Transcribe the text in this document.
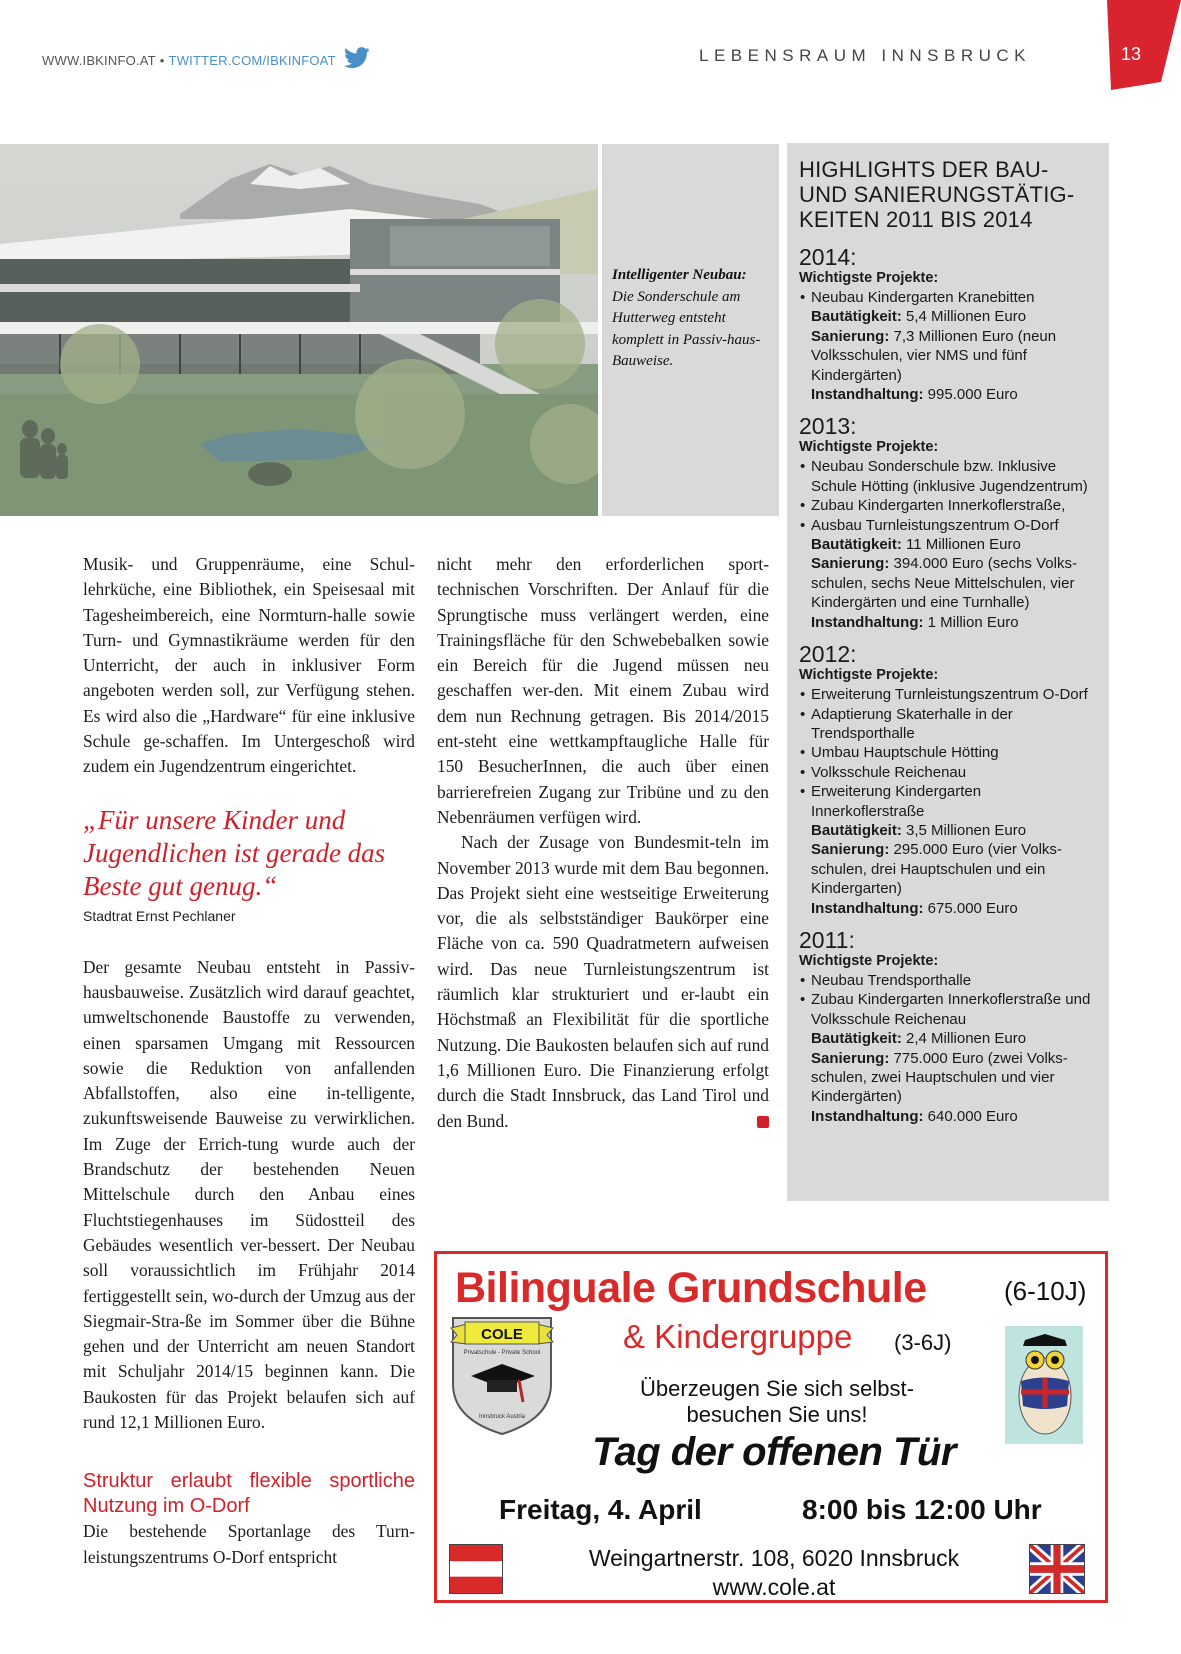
WWW.IBKINFO.AT • TWITTER.COM/IBKINFOAT	LEBENSRAUM INNSBRUCK	13
Intelligenter Neubau: Die Sonderschule am Hutterweg entsteht komplett in Passiv-haus-Bauweise.
HIGHLIGHTS DER BAU- UND SANIERUNGSTÄTIG- KEITEN 2011 BIS 2014
2014:
Wichtigste Projekte:
• Neubau Kindergarten Kranebitten
Bautätigkeit: 5,4 Millionen Euro
Sanierung: 7,3 Millionen Euro (neun Volksschulen, vier NMS und fünf Kindergärten)
Instandhaltung: 995.000 Euro
2013:
Wichtigste Projekte:
• Neubau Sonderschule bzw. Inklusive Schule Hötting (inklusive Jugendzentrum)
• Zubau Kindergarten Innerkoflerstraße,
• Ausbau Turnleistungszentrum O-Dorf
Bautätigkeit: 11 Millionen Euro
Sanierung: 394.000 Euro (sechs Volks-schulen, sechs Neue Mittelschulen, vier Kindergärten und eine Turnhalle)
Instandhaltung: 1 Million Euro
2012:
Wichtigste Projekte:
• Erweiterung Turnleistungszentrum O-Dorf
• Adaptierung Skaterhalle in der Trendsporthalle
• Umbau Hauptschule Hötting
• Volksschule Reichenau
• Erweiterung Kindergarten Innerkoflerstraße
Bautätigkeit: 3,5 Millionen Euro
Sanierung: 295.000 Euro (vier Volks-schulen, drei Hauptschulen und ein Kindergarten)
Instandhaltung: 675.000 Euro
2011:
Wichtigste Projekte:
• Neubau Trendsporthalle
• Zubau Kindergarten Innerkoflerstraße und Volksschule Reichenau
Bautätigkeit: 2,4 Millionen Euro
Sanierung: 775.000 Euro (zwei Volks-schulen, zwei Hauptschulen und vier Kindergärten)
Instandhaltung: 640.000 Euro

Musik- und Gruppenräume, eine Schul-lehrküche, eine Bibliothek, ein Speisesaal mit Tagesheimbereich, eine Normturn-halle sowie Turn- und Gymnastikräume werden für den Unterricht, der auch in inklusiver Form angeboten werden soll, zur Verfügung stehen. Es wird also die „Hardware“ für eine inklusive Schule ge-schaffen. Im Untergeschoß wird zudem ein Jugendzentrum eingerichtet.

„Für unsere Kinder und Jugendlichen ist gerade das Beste gut genug.“

Stadtrat Ernst Pechlaner

Der gesamte Neubau entsteht in Passiv-hausbauweise. Zusätzlich wird darauf geachtet, umweltschonende Baustoffe zu verwenden, einen sparsamen Umgang mit Ressourcen sowie die Reduktion von anfallenden Abfallstoffen, also eine in-telligente, zukunftsweisende Bauweise zu verwirklichen. Im Zuge der Errich-tung wurde auch der Brandschutz der bestehenden Neuen Mittelschule durch den Anbau eines Fluchtstiegenhauses im Südostteil des Gebäudes wesentlich ver-bessert. Der Neubau soll voraussichtlich im Frühjahr 2014 fertiggestellt sein, wo-durch der Umzug aus der Siegmair-Stra-ße im Sommer über die Bühne gehen und der Unterricht am neuen Standort mit Schuljahr 2014/15 beginnen kann. Die Baukosten für das Projekt belaufen sich auf rund 12,1 Millionen Euro.

Struktur erlaubt flexible sportliche Nutzung im O-Dorf

Die bestehende Sportanlage des Turn-leistungszentrums O-Dorf entspricht

nicht mehr den erforderlichen sport-technischen Vorschriften. Der Anlauf für die Sprungtische muss verlängert werden, eine Trainingsfläche für den Schwebebalken sowie ein Bereich für die Jugend müssen neu geschaffen wer-den. Mit einem Zubau wird dem nun Rechnung getragen. Bis 2014/2015 ent-steht eine wettkampftaugliche Halle für 150 BesucherInnen, die auch über einen barrierefreien Zugang zur Tribüne und zu den Nebenräumen verfügen wird.

Nach der Zusage von Bundesmit-teln im November 2013 wurde mit dem Bau begonnen. Das Projekt sieht eine westseitige Erweiterung vor, die als selbstständiger Baukörper eine Fläche von ca. 590 Quadratmetern aufweisen wird. Das neue Turnleistungszentrum ist räumlich klar strukturiert und er-laubt ein Höchstmaß an Flexibilität für die sportliche Nutzung. Die Baukosten belaufen sich auf rund 1,6 Millionen Euro. Die Finanzierung erfolgt durch die Stadt Innsbruck, das Land Tirol und den Bund.

Bilinguale Grundschule	(6-10J)
& Kindergruppe (3-6J)
Überzeugen Sie sich selbst- besuchen Sie uns!
Tag der offenen Tür
Freitag, 4. April	8:00 bis 12:00 Uhr
Weingartnerstr. 108, 6020 Innsbruck
www.cole.at
COLE
Privatschule - Private School
Innsbruck Austria
